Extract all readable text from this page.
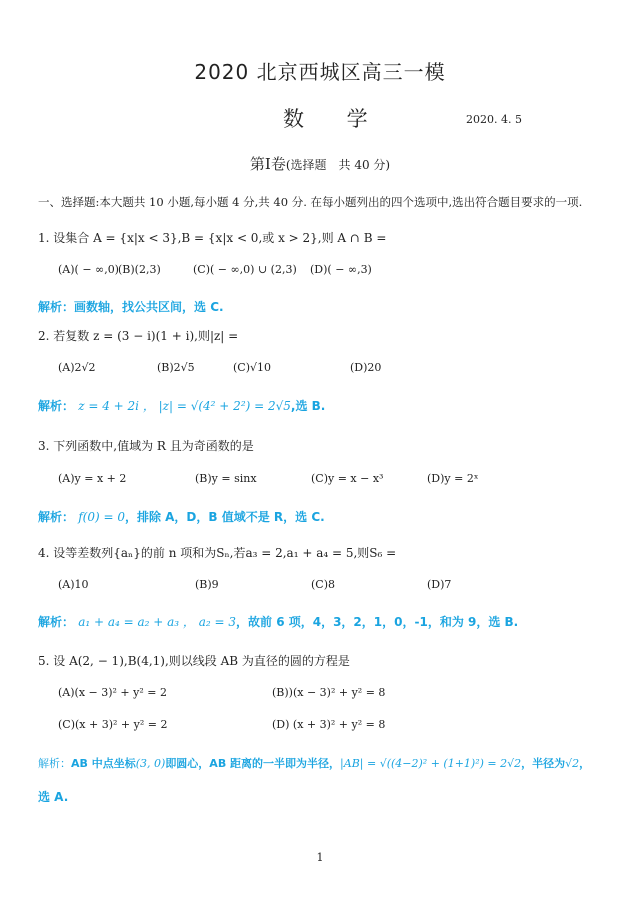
2020 北京西城区高三一模
数 学	2020. 4. 5
第Ⅰ卷(选择题　共 40 分)
一、选择题:本大题共 10 小题,每小题 4 分,共 40 分. 在每小题列出的四个选项中,选出符合题目要求的一项.
1. 设集合 A = {x|x < 3},B = {x|x < 0,或 x > 2},则 A ∩ B =
(A)( − ∞,0) (B)(2,3)	(C)( − ∞,0) ∪ (2,3) (D)( − ∞,3)
解析：画数轴，找公共区间，选 C.
2. 若复数 z = (3 − i)(1 + i),则|z| =
(A)2√2	(B)2√5	(C)√10	(D)20
解析： z = 4 + 2i ， |z| = √(4² + 2²) = 2√5,选 B.
3. 下列函数中,值域为 R 且为奇函数的是
(A)y = x + 2	(B)y = sinx	(C)y = x − x³	(D)y = 2ˣ
解析： f(0) = 0，排除 A，D，B 值域不是 R，选 C.
4. 设等差数列{aₙ}的前 n 项和为Sₙ,若a₃ = 2,a₁ + a₄ = 5,则S₆ =
(A)10	(B)9	(C)8	(D)7
解析： a₁ + a₄ = a₂ + a₃ ， a₂ = 3，故前 6 项，4，3，2，1，0，-1，和为 9，选 B.
5. 设 A(2, − 1),B(4,1),则以线段 AB 为直径的圆的方程是
(A)(x − 3)² + y² = 2	(B))(x − 3)² + y² = 8
(C)(x + 3)² + y² = 2	(D) (x + 3)² + y² = 8
解析：AB 中点坐标(3, 0)即圆心，AB 距离的一半即为半径，|AB| = √((4−2)² + (1+1)²) = 2√2，半径为√2，
选 A.
1
